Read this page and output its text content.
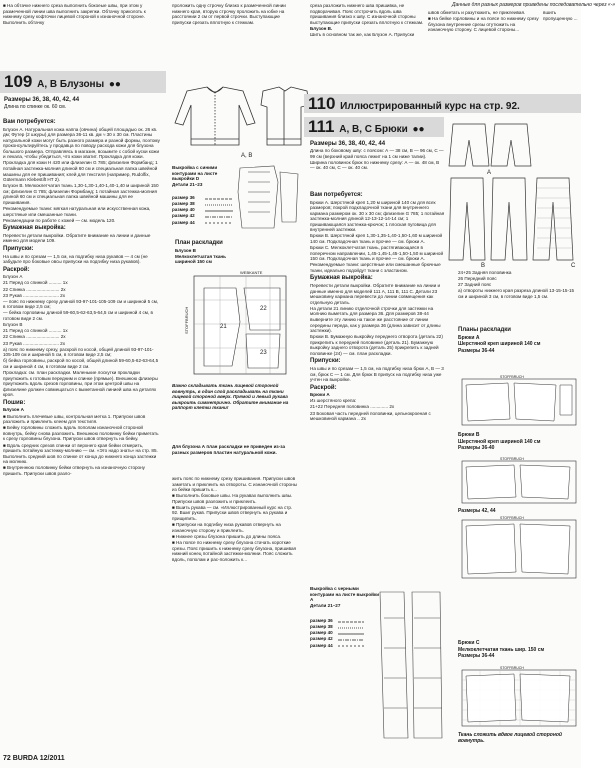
Данные для разных размеров приведены последовательно через «-»

■ На обтачке нижнего среза выполнить бокоеые швы, при этом у размеченной линии шва выполнить закрепки. Обтачку приколоть к нижнему срезу кофточки лицевой стороной к изнаночной стороне. Выполнить обтачку

109 А, В Блузоны ●●
Размеры 36, 38, 40, 42, 44
Длина по спинке ок. 60 см.

Вам потребуется:

Блузон А. Натуральная кожа наппа (овчина) общей площадью ок. 26 кв. дм; Футер (2 шкуры) для размера 36-11 кв. дм ≈ 30 x 30 см. Пластины натуральной кожи могут быть разного размера и разной формы, поэтому проконсультируйтесь у продавца по поводу расхода кожи для блузона большого размера. Отправляясь в магазин, возьмите с собой куски кожи и лекала, чтобы убедиться, что кожи хватит. Прокладка для кожи.

Прокладка для кожи Н 420 или флизелин G 785; флизелин Формбанд; 1 потайная застежка-молния длиной 60 см и специальная лапка швейной машины для ее пришивания; клей для текстиля (например, Rudolfix, Gütermann Klebestift HT 2).

Блузон В. Мелкоклетчатая ткань 1,30-1,30-1,40-1,40-1,40 м шириной 150 см; флизелин G 785; флизелин Формбанд; 1 потайная застежка-молния длиной 60 см и специальная лапка швейной машины для ее пришивания.

Рекомендуемые ткани: мягкая натуральная или искусственная кожа, шерстяные или смешанные ткани.

Рекомендации по работе с кожей — см. модель 120.

Бумажная выкройка:

Перевести детали выкройки. Обратите внимание на линии и данные именно для модели 109.

Припуски:

На швы и по срезам — 1,5 см, на подгибку низа рукавов — 4 см (не забудьте про боковые овсы припуски на подгибку низа рукавов).

Раскрой:

Блузон А

21 Перед со спинкой .......... 1x

22 Спинка .......................... 2x

23 Рукав ............................ 2x

— пояс по нижнему срезу длиной 93-97-101-105-109 см и шириной 5 см, в готовом виде 2,5 см;

— бейка горловины длиной 59-60,5-62-63,5-64,5 см и шириной 4 см, в готовом виде 2 см.

Блузон В

21 Перед со спинкой .......... 1x

22 Спинка .......................... 2x

23 Рукав ............................ 2x

а) пояс по нижнему срезу, раскрой по косой, общей длиной 93-97-101-105-109 см и шириной 5 см, в готовом виде 2,5 см;

б) бейка горловины, раскрой по косой, общей длиной 59-60,5-62-63-64,5 см и шириной 4 см, в готовом виде 2 см.

Прокладка: см. план раскладки. Маленькие лоскутки прокладки приутюжить к готовым передним и спинке (прямые). Внешнюю флизеры приутюжить вдоль срезов горловины, при этом центрой швы на флизелине должен совмещаться с выметанной линией шва на деталях кроя.

Пошив:

Блузон А

■ Выполнить плечевые швы, контрольная метка 1. Припуски швов разложить и приклеить клеем для текстиля.

■ Бейку горловины сложить вдоль пополам изнаночной стороной вовнутрь, бейку снова разложить. Внешнюю половинку бейки приметать к срезу горловины блузона. Припуски швов отвернуть на бейку.

■ Вдоль средних срезов спинки от верхнего края бейки отмерить, пришить потайную застежку-молнию — см. «Это надо знать» на стр. 85. Выполнить средний шов по спинке от конца до нижнего конца застежки на молнию.

■ Внутреннюю половинку бейки отвернуть на изнаночную сторону пришить. Припуски швов разло-

проложить одну строчку близко к размеченной линии нижнего края, вторую строчку проложить на юбке на расстоянии 2 см от первой строчки. Выступающие припуски срезать вплотную к стежкам.

A, B

Выкройка с синими контурами на листе выкройки D

Детали 21–23

размер 36

размер 38

размер 40

размер 42

размер 44

План раскладки

Блузон В

Мелкоклетчатая ткань шириной 150 см

21
22
23
WEBKANTE
STOFFBRUCH

Важно складывать ткань лицевой стороной вовнутрь, в один слой раскладывать на ткани лицевой стороной вверх. Прямой и левый рукава выкроить симметрично. Обратите внимание на раппорт клетки ткани!

Для блузона А план раскладки не приведен из-за разных размеров пластин натуральной кожи.

жить пояс по нижнему срезу пришивания. Припуски швов заметать и приклеить на отвороты. С изнаночной стороны из бейки пришить к...

■ Выполнить боковые швы. На рукавах выполнить швы. Припуски швов разложить и приклеить.

■ Вшить рукава — см. «Иллюстрированный курс на стр. 92. Вшиг рукав. Припуски швов отвернуть на рукава и прищипить.

■ Припуски на подгибку низа рукавов отвернуть на изнаночную сторону и приклеить.

■ Нижнее срезы блузона пришить до длины пояса.

■ На поясе по нижнему срезу блузона стачать короткие срезы. Пояс пришить к нижнему срезу блузона, пришивая нижний конец потайной застежки-молнии. Пояс сложить вдоль, пополам и рас-положить к...

среза разложить нижнего шва пришивка, не подворачивая. Пояс отстрочить вдоль шва пришивания близко к шву. С изнаночной стороны выступающие припуски срезать вплотную к стежкам.

Блузон В.

Шить в основном так же, как Блузон А. Припуски

швов обметать и разутюжить, не приклеивая.

■ На бейке горловины и на поясе по нижнему срезу блузона внутренние срезы отутюжить на изнаночную сторону. С лицевой стороны...

вшить пропущенную ...

110 Иллюстрированный курс на стр. 92.
111 А, В, С Брюки ●●
Размеры 36, 38, 40, 42, 44

Длина по боковому шву: с поясом: А — 38 см, В — 96 см, С — 99 см (верхний край пояса лежит на 1 см ниже талии).

Ширина половинок брюк по нижнему срезу: А — ок. 48 см, В — ок. 40 см, С — ок. 40 см.

A
B	C

Вам потребуется:

Брюки А. Шерстяной креп 1,20 м шириной 140 см для всех размеров; покрой подкладочной ткани для внутреннего кармана размером ок. 30 x 30 см; флизелин G 785; 1 потайная застежка-молния длиной 12-13-12-14-14 см; 1 пришивающаяся застежка-крючок; 1 плоская пуговица для внутренней застежки.

Брюки В. Шерстяной креп 1,30-1,35-1,40-1,50-1,60 м шириной 140 см. Подкладочная ткань и прочее — см. брюки А.

Брюки С. Мелкоклетчатая ткань, растягивающаяся в поперечном направлении, 1,45-1,45-1,45-1,50-1,50 м шириной 150 см. Подкладочная ткань и прочее — см. брюки А.

Рекомендуемые ткани: шерстяные или смешанные брючные ткани, идеально подойдут ткани с эластаном.

Бумажная выкройка:

Перевести детали выкройки. Обратите внимание на линии и данные именно для моделей 111 А, 111 В, 111 С. Детали 23 мешковину кармана перевести до линии совмещения как отдельную деталь.

На детали 21 линию отделочной строчки для застежки на молнию выметать для размера 36. Для размеров 38-44 выверните эту линию на такое же расстояние от линии середины переда, как у размера 36 (длина зависит от длины застежки).

Брюки В. Бумажную выкройку переднего отворота (деталь 22) прикрепить к передней половинке (деталь 21). Бумажную выкройку заднего отворота (деталь 25) прикрепить к задней половинке (24) — см. план раскладки.

Припуски:

На швы и по срезам — 1,5 см, на подгибку низа брюк А, В — 3 см, брюк С — 1 см. Для брюк В припуск на подгибку низа уже учтен на выкройке.

Раскрой:

Брюки А

Из шерстяного крепа:

21+22 Передняя половинка .............. 2x

23 Боковая часть передней половинки, цельнокроеная с мешковиной кармана .. 2x

Выкройка с черными контурами на листе выкройки А

Детали 21–27

размер 36

размер 38

размер 40

размер 42

размер 44

24+25 Задняя половинка

26 Передний пояс

27 Задний пояс

а) отвороты нижнего края разреза длиной 13-15-15-15 см и шириной 3 см, в готовом виде 1,5 см.

Планы раскладки

Брюки А

Шерстяной креп шириной 140 см

Размеры 36-44

STOFFBRUCH

Брюки В

Шерстяной креп шириной 140 см

Размеры 36-40

STOFFBRUCH

Размеры 42, 44

STOFFBRUCH

Брюки С

Мелкоклетчатая ткань шир. 150 см

Размеры 36-44

STOFFBRUCH

Ткань сложить вдвое лицевой стороной вовнутрь.

72 BURDA 12/2011
